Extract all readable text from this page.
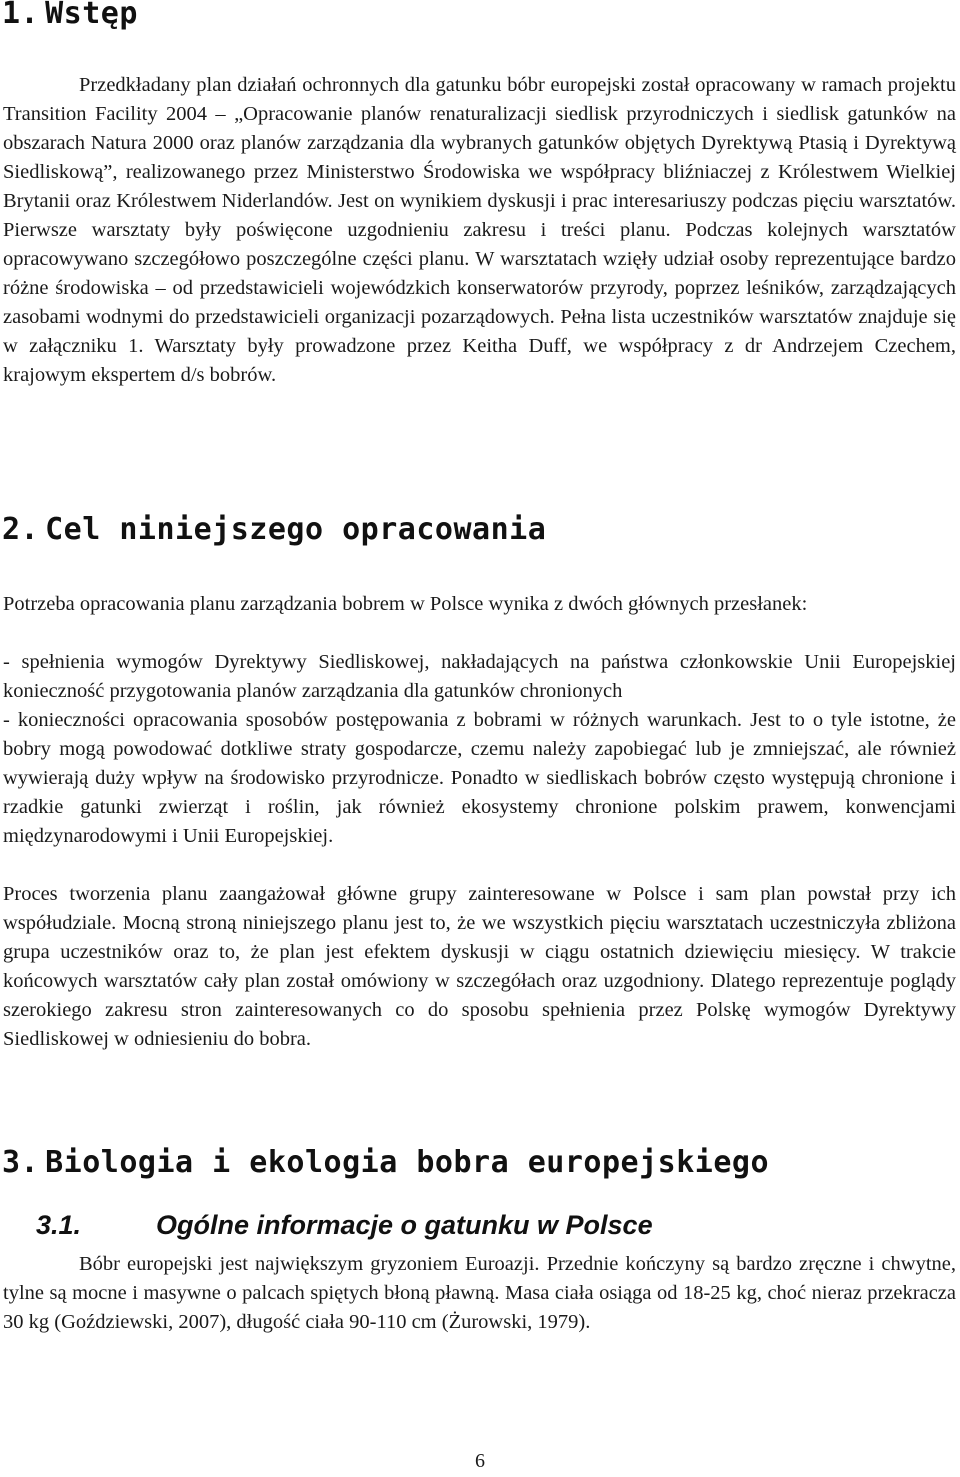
1. Wstęp

Przedkładany plan działań ochronnych dla gatunku bóbr europejski został opracowany w ramach projektu Transition Facility 2004 – „Opracowanie planów renaturalizacji siedlisk przyrodniczych i siedlisk gatunków na obszarach Natura 2000 oraz planów zarządzania dla wybranych gatunków objętych Dyrektywą Ptasią i Dyrektywą Siedliskową”, realizowanego przez Ministerstwo Środowiska we współpracy bliźniaczej z Królestwem Wielkiej Brytanii oraz Królestwem Niderlandów. Jest on wynikiem dyskusji i prac interesariuszy podczas pięciu warsztatów. Pierwsze warsztaty były poświęcone uzgodnieniu zakresu i treści planu. Podczas kolejnych warsztatów opracowywano szczegółowo poszczególne części planu. W warsztatach wzięły udział osoby reprezentujące bardzo różne środowiska – od przedstawicieli wojewódzkich konserwatorów przyrody, poprzez leśników, zarządzających zasobami wodnymi do przedstawicieli organizacji pozarządowych. Pełna lista uczestników warsztatów znajduje się w załączniku 1. Warsztaty były prowadzone przez Keitha Duff, we współpracy z dr Andrzejem Czechem, krajowym ekspertem d/s bobrów.

2. Cel niniejszego opracowania

Potrzeba opracowania planu zarządzania bobrem w Polsce wynika z dwóch głównych przesłanek:

- spełnienia wymogów Dyrektywy Siedliskowej, nakładających na państwa członkowskie Unii Europejskiej konieczność przygotowania planów zarządzania dla gatunków chronionych

- konieczności opracowania sposobów postępowania z bobrami w różnych warunkach. Jest to o tyle istotne, że bobry mogą powodować dotkliwe straty gospodarcze, czemu należy zapobiegać lub je zmniejszać, ale również wywierają duży wpływ na środowisko przyrodnicze. Ponadto w siedliskach bobrów często występują chronione i rzadkie gatunki zwierząt i roślin, jak również ekosystemy chronione polskim prawem, konwencjami międzynarodowymi i Unii Europejskiej.

Proces tworzenia planu zaangażował główne grupy zainteresowane w Polsce i sam plan powstał przy ich współudziale. Mocną stroną niniejszego planu jest to, że we wszystkich pięciu warsztatach uczestniczyła zbliżona grupa uczestników oraz to, że plan jest efektem dyskusji w ciągu ostatnich dziewięciu miesięcy. W trakcie końcowych warsztatów cały plan został omówiony w szczegółach oraz uzgodniony. Dlatego reprezentuje poglądy szerokiego zakresu stron zainteresowanych co do sposobu spełnienia przez Polskę wymogów Dyrektywy Siedliskowej w odniesieniu do bobra.

3. Biologia i ekologia bobra europejskiego
3.1.	Ogólne informacje o gatunku w Polsce

Bóbr europejski jest największym gryzoniem Euroazji. Przednie kończyny są bardzo zręczne i chwytne, tylne są mocne i masywne o palcach spiętych błoną pławną. Masa ciała osiąga od 18-25 kg, choć nieraz przekracza 30 kg (Goździewski, 2007), długość ciała 90-110 cm (Żurowski, 1979).

6
